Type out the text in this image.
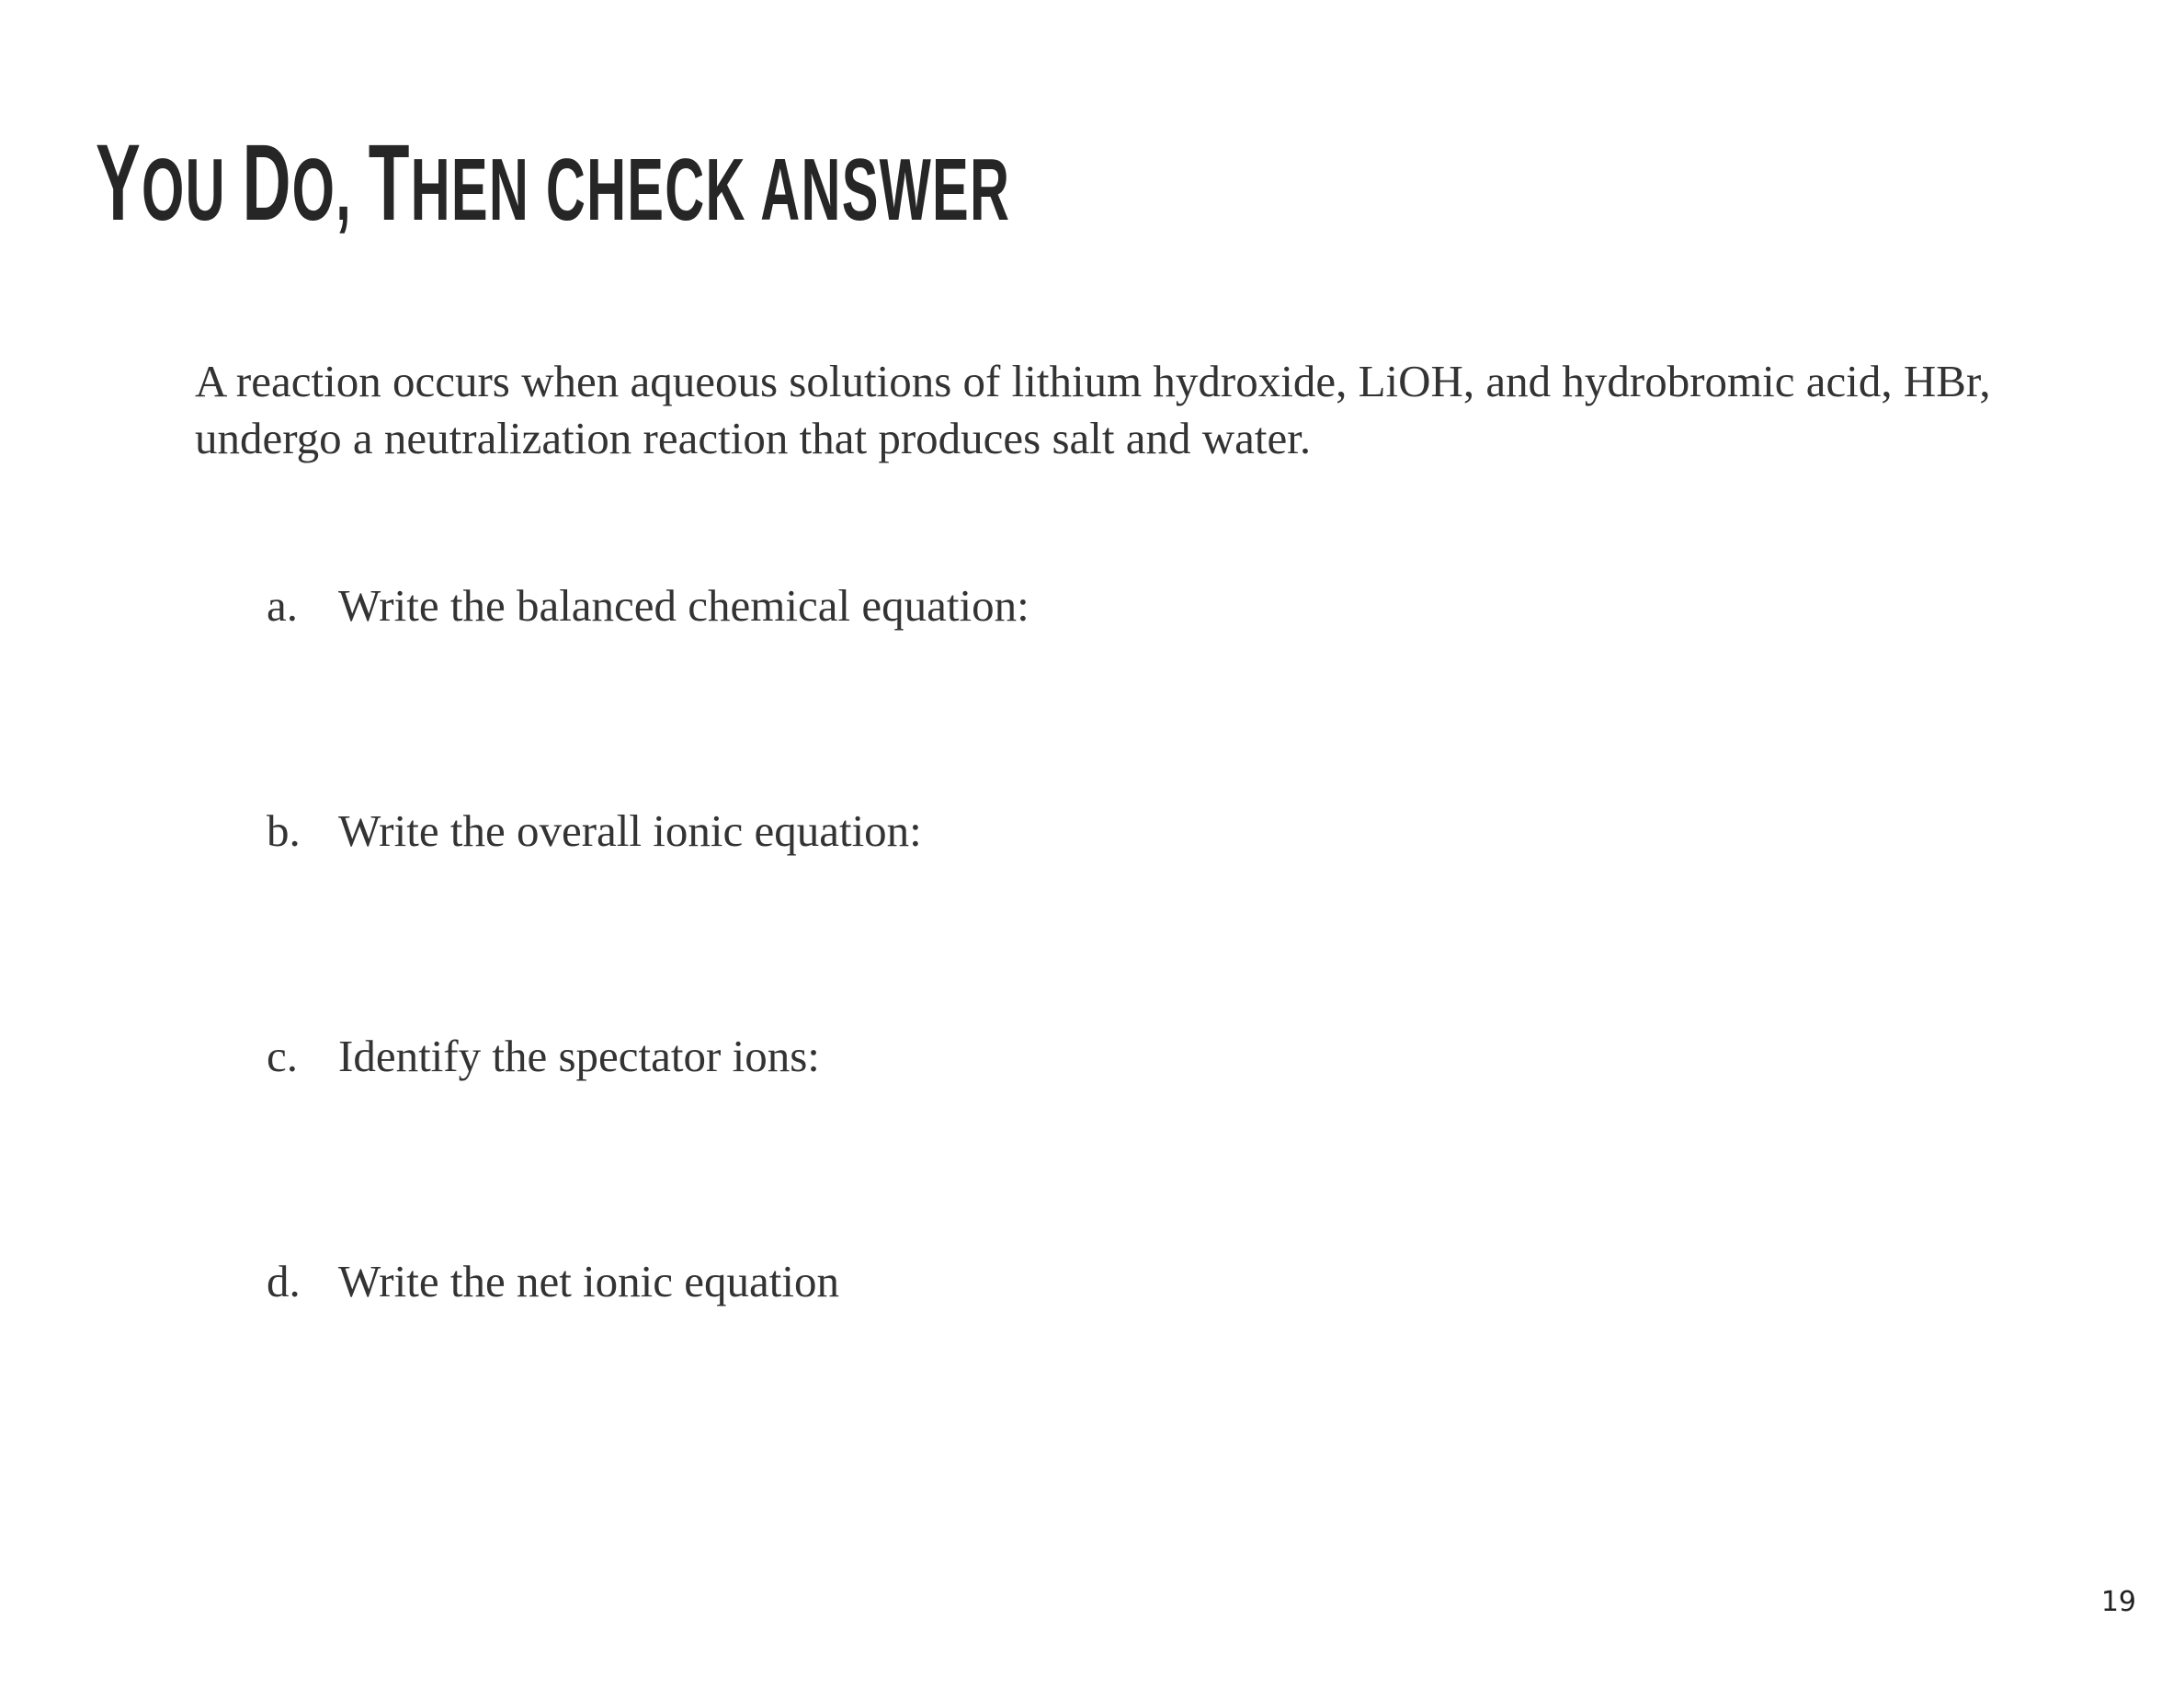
YOU DO, THEN CHECK ANSWER

A reaction occurs when aqueous solutions of lithium hydroxide, LiOH, and hydrobromic acid, HBr, undergo a neutralization reaction that produces salt and water.

a. Write the balanced chemical equation:
b. Write the overall ionic equation:
c. Identify the spectator ions:
d. Write the net ionic equation
19
